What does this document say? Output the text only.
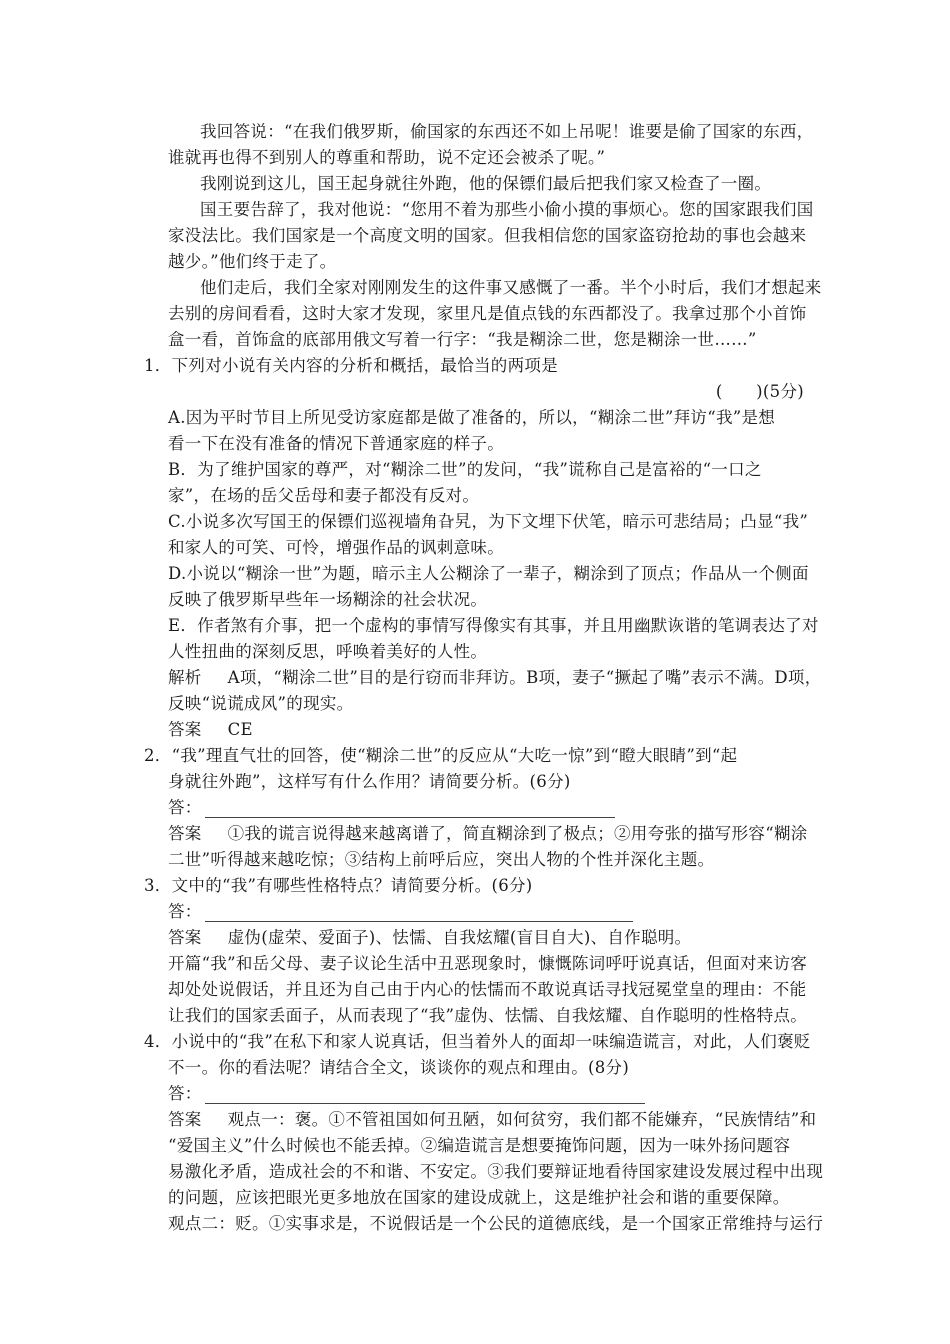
我回答说：“在我们俄罗斯，偷国家的东西还不如上吊呢！谁要是偷了国家的东西，
谁就再也得不到别人的尊重和帮助，说不定还会被杀了呢。”
我刚说到这儿，国王起身就往外跑，他的保镖们最后把我们家又检查了一圈。
国王要告辞了，我对他说：“您用不着为那些小偷小摸的事烦心。您的国家跟我们国
家没法比。我们国家是一个高度文明的国家。但我相信您的国家盗窃抢劫的事也会越来
越少。”他们终于走了。
他们走后，我们全家对刚刚发生的这件事又感慨了一番。半个小时后，我们才想起来
去别的房间看看，这时大家才发现，家里凡是值点钱的东西都没了。我拿过那个小首饰
盒一看，首饰盒的底部用俄文写着一行字：“我是糊涂二世，您是糊涂一世……”
1．下列对小说有关内容的分析和概括，最恰当的两项是
(　　)(5分)
A.因为平时节目上所见受访家庭都是做了准备的，所以，“糊涂二世”拜访“我”是想
看一下在没有准备的情况下普通家庭的样子。
B．为了维护国家的尊严，对“糊涂二世”的发问，“我”谎称自己是富裕的“一口之
家”，在场的岳父岳母和妻子都没有反对。
C.小说多次写国王的保镖们巡视墙角旮旯，为下文埋下伏笔，暗示可悲结局；凸显“我”
和家人的可笑、可怜，增强作品的讽刺意味。
D.小说以“糊涂一世”为题，暗示主人公糊涂了一辈子，糊涂到了顶点；作品从一个侧面
反映了俄罗斯早些年一场糊涂的社会状况。
E．作者煞有介事，把一个虚构的事情写得像实有其事，并且用幽默诙谐的笔调表达了对
人性扭曲的深刻反思，呼唤着美好的人性。
解析 A项，“糊涂二世”目的是行窃而非拜访。B项，妻子“撅起了嘴”表示不满。D项，
反映“说谎成风”的现实。
答案 CE
2．“我”理直气壮的回答，使“糊涂二世”的反应从“大吃一惊”到“瞪大眼睛”到“起
身就往外跑”，这样写有什么作用？请简要分析。(6分)
答：
答案 ①我的谎言说得越来越离谱了，简直糊涂到了极点；②用夸张的描写形容“糊涂
二世”听得越来越吃惊；③结构上前呼后应，突出人物的个性并深化主题。
3．文中的“我”有哪些性格特点？请简要分析。(6分)
答：
答案 虚伪(虚荣、爱面子)、怯懦、自我炫耀(盲目自大)、自作聪明。
开篇“我”和岳父母、妻子议论生活中丑恶现象时，慷慨陈词呼吁说真话，但面对来访客
却处处说假话，并且还为自己由于内心的怯懦而不敢说真话寻找冠冕堂皇的理由：不能
让我们的国家丢面子，从而表现了“我”虚伪、怯懦、自我炫耀、自作聪明的性格特点。
4．小说中的“我”在私下和家人说真话，但当着外人的面却一味编造谎言，对此，人们褒贬
不一。你的看法呢？请结合全文，谈谈你的观点和理由。(8分)
答：
答案 观点一：褒。①不管祖国如何丑陋，如何贫穷，我们都不能嫌弃，“民族情结”和
“爱国主义”什么时候也不能丢掉。②编造谎言是想要掩饰问题，因为一味外扬问题容
易激化矛盾，造成社会的不和谐、不安定。③我们要辩证地看待国家建设发展过程中出现
的问题，应该把眼光更多地放在国家的建设成就上，这是维护社会和谐的重要保障。
观点二：贬。①实事求是，不说假话是一个公民的道德底线，是一个国家正常维持与运行
